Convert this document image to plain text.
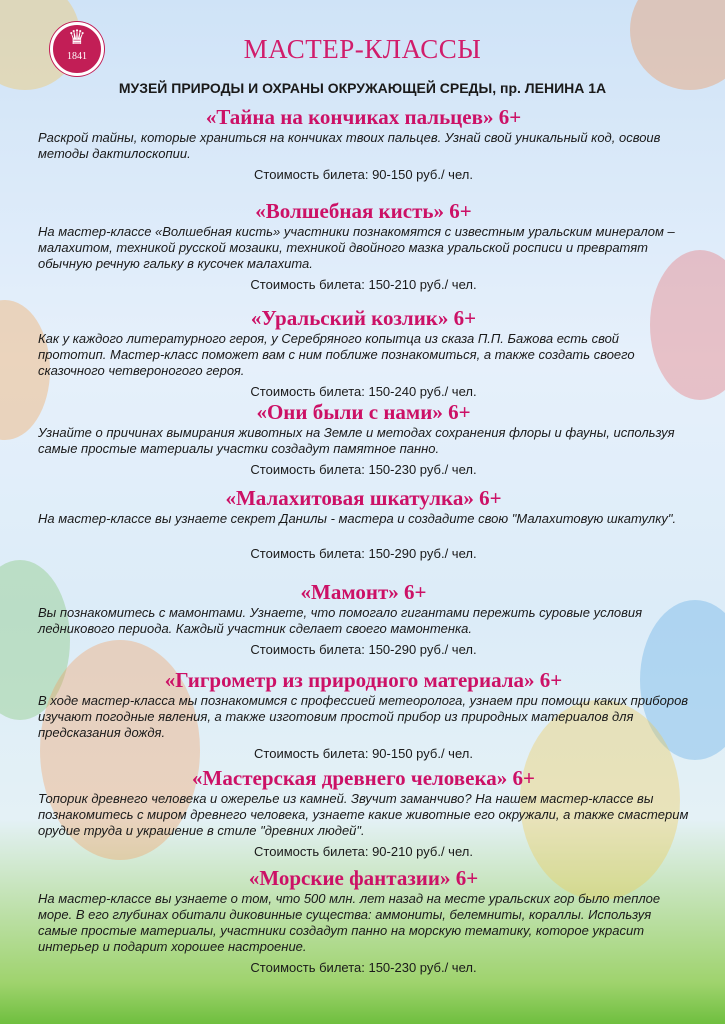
♛
1841	МАСТЕР-КЛАССЫ
МУЗЕЙ ПРИРОДЫ И ОХРАНЫ ОКРУЖАЮЩЕЙ СРЕДЫ, пр. ЛЕНИНА 1А
«Тайна на кончиках пальцев» 6+

Раскрой тайны, которые храниться на кончиках твоих пальцев. Узнай свой уникальный код, освоив методы дактилоскопии.

Стоимость билета: 90-150 руб./ чел.
«Волшебная кисть» 6+

На мастер-классе «Волшебная кисть» участники познакомятся с известным уральским минералом – малахитом, техникой русской мозаики, техникой двойного мазка уральской росписи и превратят обычную речную гальку в кусочек малахита.

Стоимость билета: 150-210 руб./ чел.
«Уральский козлик» 6+

Как у каждого литературного героя, у Серебряного копытца из сказа П.П. Бажова есть свой прототип. Мастер-класс поможет вам с ним поближе познакомиться, а также создать своего сказочного четвероногого героя.

Стоимость билета: 150-240 руб./ чел.
«Они были с нами» 6+

Узнайте о причинах вымирания животных на Земле и методах сохранения флоры и фауны, используя самые простые материалы участки создадут памятное панно.

Стоимость билета: 150-230 руб./ чел.
«Малахитовая шкатулка» 6+

На мастер-классе вы узнаете секрет Данилы - мастера и создадите свою "Малахитовую шкатулку".

Стоимость билета: 150-290 руб./ чел.
«Мамонт» 6+

Вы познакомитесь с мамонтами. Узнаете, что помогало гигантами пережить суровые условия ледникового периода. Каждый участник сделает своего мамонтенка.

Стоимость билета: 150-290 руб./ чел.
«Гигрометр из природного материала» 6+

В ходе мастер-класса мы познакомимся с профессией метеоролога, узнаем при помощи каких приборов изучают погодные явления, а также изготовим простой прибор из природных материалов для предсказания дождя.

Стоимость билета: 90-150 руб./ чел.
«Мастерская древнего человека» 6+

Топорик древнего человека и ожерелье из камней. Звучит заманчиво? На нашем мастер-классе вы познакомитесь с миром древнего человека, узнаете какие животные его окружали, а также смастерим орудие труда и украшение в стиле "древних людей".

Стоимость билета: 90-210 руб./ чел.
«Морские фантазии» 6+

На мастер-классе вы узнаете о том, что 500 млн. лет назад на месте уральских гор было теплое море. В его глубинах обитали диковинные существа: аммониты, белемниты, кораллы. Используя самые простые материалы, участники создадут панно на морскую тематику, которое украсит интерьер и подарит хорошее настроение.

Стоимость билета: 150-230 руб./ чел.
